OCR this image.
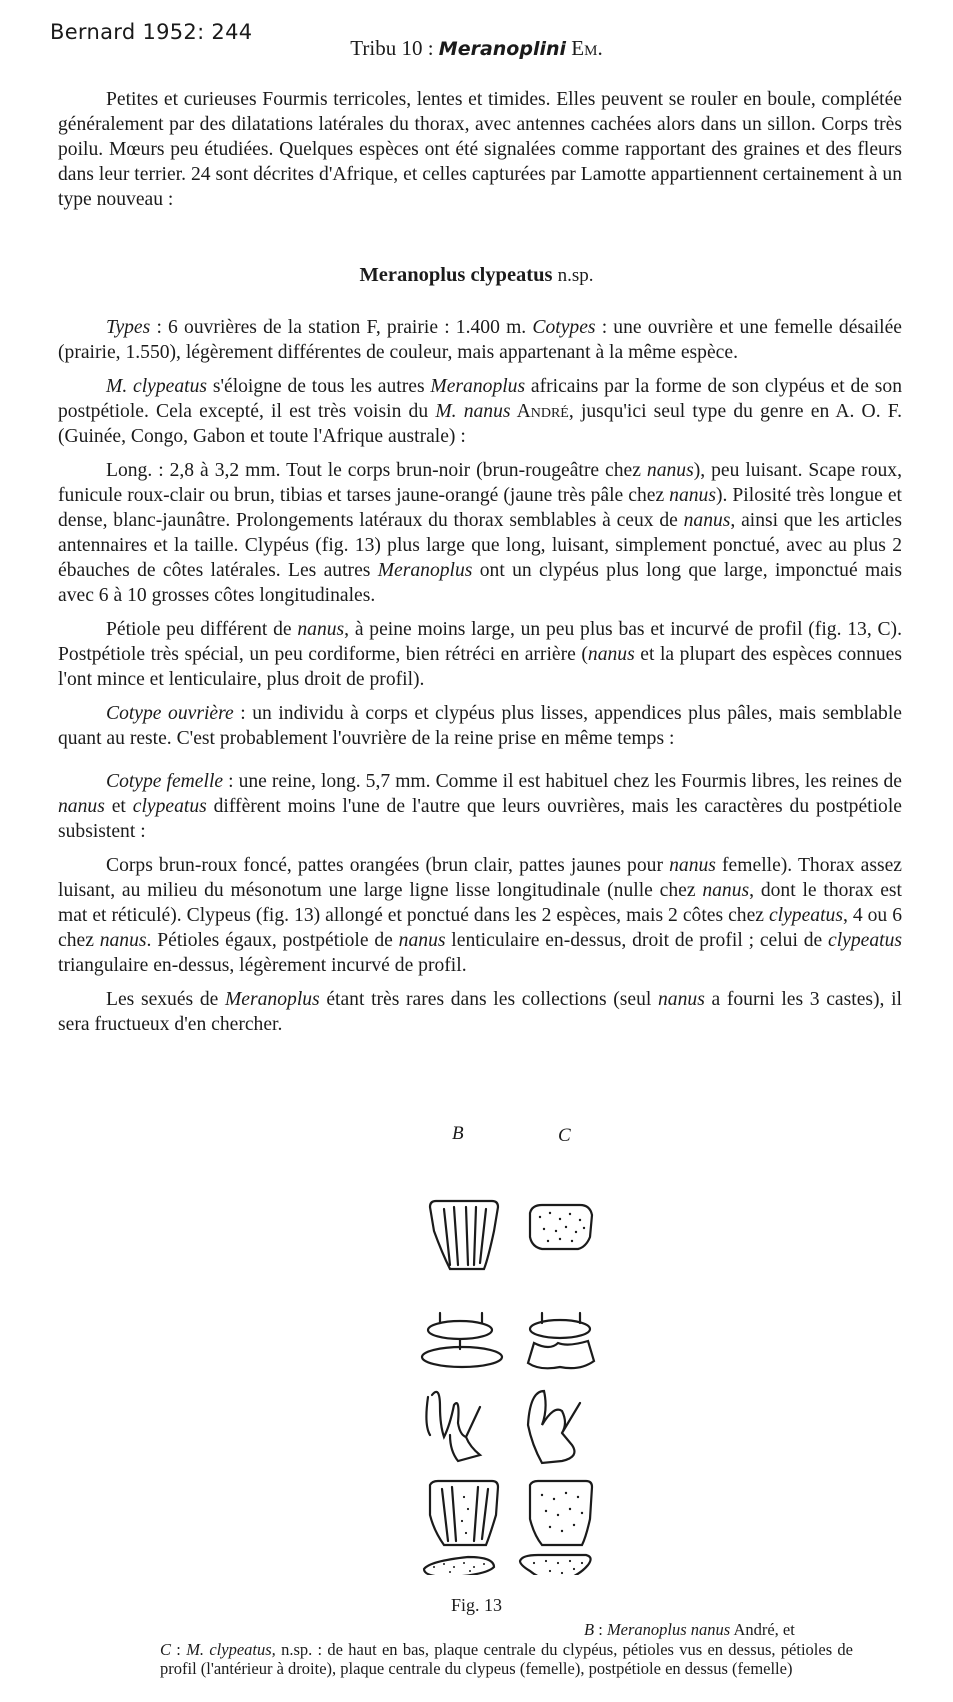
Bernard 1952: 244
Tribu 10 : Meranoplini Em.

Petites et curieuses Fourmis terricoles, lentes et timides. Elles peuvent se rouler en boule, complétée généralement par des dilatations latérales du thorax, avec antennes cachées alors dans un sillon. Corps très poilu. Mœurs peu étudiées. Quelques espèces ont été signalées comme rapportant des graines et des fleurs dans leur terrier. 24 sont décrites d'Afrique, et celles capturées par Lamotte appartiennent certainement à un type nouveau :

Meranoplus clypeatus n.sp.

Types : 6 ouvrières de la station F, prairie : 1.400 m. Cotypes : une ouvrière et une femelle désailée (prairie, 1.550), légèrement différentes de couleur, mais appartenant à la même espèce.

M. clypeatus s'éloigne de tous les autres Meranoplus africains par la forme de son clypéus et de son postpétiole. Cela excepté, il est très voisin du M. nanus André, jusqu'ici seul type du genre en A. O. F. (Guinée, Congo, Gabon et toute l'Afrique australe) :

Long. : 2,8 à 3,2 mm. Tout le corps brun-noir (brun-rougeâtre chez nanus), peu luisant. Scape roux, funicule roux-clair ou brun, tibias et tarses jaune-orangé (jaune très pâle chez nanus). Pilosité très longue et dense, blanc-jaunâtre. Prolongements latéraux du thorax semblables à ceux de nanus, ainsi que les articles antennaires et la taille. Clypéus (fig. 13) plus large que long, luisant, simplement ponctué, avec au plus 2 ébauches de côtes latérales. Les autres Meranoplus ont un clypéus plus long que large, imponctué mais avec 6 à 10 grosses côtes longitudinales.

Pétiole peu différent de nanus, à peine moins large, un peu plus bas et incurvé de profil (fig. 13, C). Postpétiole très spécial, un peu cordiforme, bien rétréci en arrière (nanus et la plupart des espèces connues l'ont mince et lenticulaire, plus droit de profil).

Cotype ouvrière : un individu à corps et clypéus plus lisses, appendices plus pâles, mais semblable quant au reste. C'est probablement l'ouvrière de la reine prise en même temps :

Cotype femelle : une reine, long. 5,7 mm. Comme il est habituel chez les Fourmis libres, les reines de nanus et clypeatus diffèrent moins l'une de l'autre que leurs ouvrières, mais les caractères du postpétiole subsistent :

Corps brun-roux foncé, pattes orangées (brun clair, pattes jaunes pour nanus femelle). Thorax assez luisant, au milieu du mésonotum une large ligne lisse longitudinale (nulle chez nanus, dont le thorax est mat et réticulé). Clypeus (fig. 13) allongé et ponctué dans les 2 espèces, mais 2 côtes chez clypeatus, 4 ou 6 chez nanus. Pétioles égaux, postpétiole de nanus lenticulaire en-dessus, droit de profil ; celui de clypeatus triangulaire en-dessus, légèrement incurvé de profil.

Les sexués de Meranoplus étant très rares dans les collections (seul nanus a fourni les 3 castes), il sera fructueux d'en chercher.

B	C
Fig. 13
B : Meranoplus nanus André, et
C : M. clypeatus, n.sp. : de haut en bas, plaque centrale du clypéus, pétioles vus en dessus, pétioles de profil (l'antérieur à droite), plaque centrale du clypeus (femelle), postpétiole en dessus (femelle)
